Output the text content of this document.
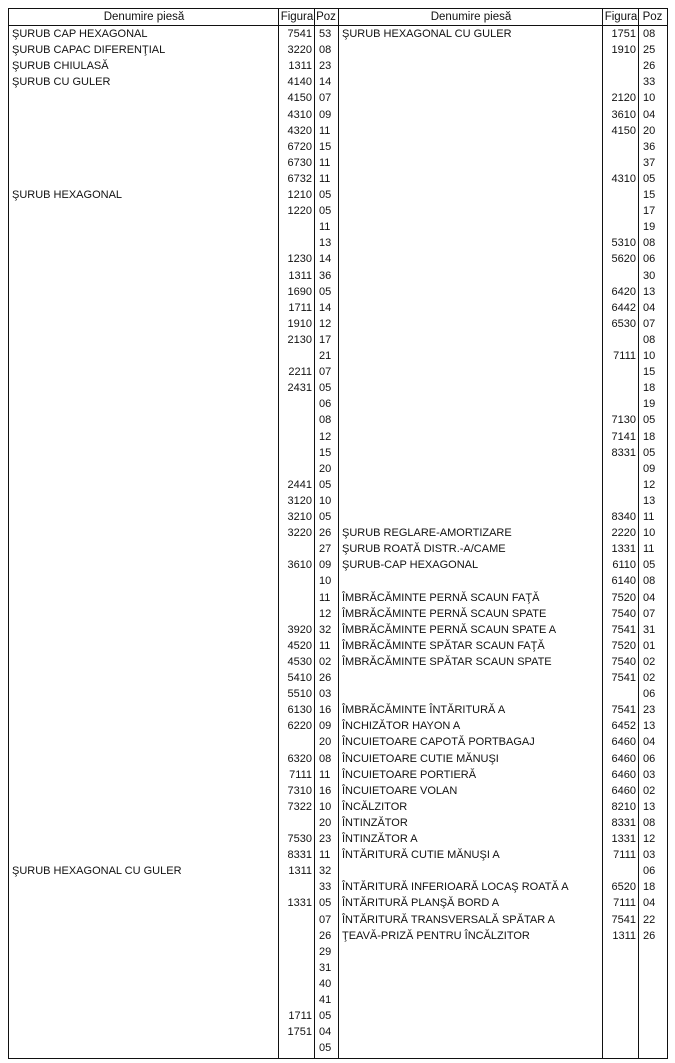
Denumire piesă	Figura Poz
ŞURUB CAP HEXAGONAL	7541 53
ŞURUB CAPAC DIFERENŢIAL	3220 08
ŞURUB CHIULASĂ	1311 23
ŞURUB CU GULER	4140 14
4150 07
4310 09
4320 11
6720 15
6730 11
6732 11
ŞURUB HEXAGONAL	1210 05
1220 05
11
13
1230 14
1311 36
1690 05
1711 14
1910 12
2130 17
21
2211 07
2431 05
06
08
12
15
20
2441 05
3120 10
3210 05
3220 26
27
3610 09
10
11
12
3920 32
4520 11
4530 02
5410 26
5510 03
6130 16
6220 09
20
6320 08
7111 11
7310 16
7322 10
20
7530 23
8331 11
ŞURUB HEXAGONAL CU GULER	1311 32
33
1331 05
07
26
29
31
40
41
1711 05
1751 04
05
Denumire piesă	Figura Poz
ŞURUB HEXAGONAL CU GULER	1751 08
1910 25
26
33
2120 10
3610 04
4150 20
36
37
4310 05
15
17
19
5310 08
5620 06
30
6420 13
6442 04
6530 07
08
7111 10
15
18
19
7130 05
7141 18
8331 05
09
12
13
8340 11
ŞURUB REGLARE-AMORTIZARE	2220 10
ŞURUB ROATĂ DISTR.-A/CAME	1331 11
ŞURUB-CAP HEXAGONAL	6110 05
6140 08
ÎMBRĂCĂMINTE PERNĂ SCAUN FAŢĂ	7520 04
ÎMBRĂCĂMINTE PERNĂ SCAUN SPATE	7540 07
ÎMBRĂCĂMINTE PERNĂ SCAUN SPATE A	7541 31
ÎMBRĂCĂMINTE SPĂTAR SCAUN FAŢĂ	7520 01
ÎMBRĂCĂMINTE SPĂTAR SCAUN SPATE	7540 02
7541 02
06
ÎMBRĂCĂMINTE ÎNTĂRITURĂ A	7541 23
ÎNCHIZĂTOR HAYON A	6452 13
ÎNCUIETOARE CAPOTĂ PORTBAGAJ	6460 04
ÎNCUIETOARE CUTIE MĂNUŞI	6460 06
ÎNCUIETOARE PORTIERĂ	6460 03
ÎNCUIETOARE VOLAN	6460 02
ÎNCĂLZITOR	8210 13
ÎNTINZĂTOR	8331 08
ÎNTINZĂTOR A	1331 12
ÎNTĂRITURĂ CUTIE MĂNUŞI A	7111 03
06
ÎNTĂRITURĂ INFERIOARĂ LOCAŞ ROATĂ A	6520 18
ÎNTĂRITURĂ PLANŞĂ BORD A	7111 04
ÎNTĂRITURĂ TRANSVERSALĂ SPĂTAR A	7541 22
ŢEAVĂ-PRIZĂ PENTRU ÎNCĂLZITOR	1311 26
